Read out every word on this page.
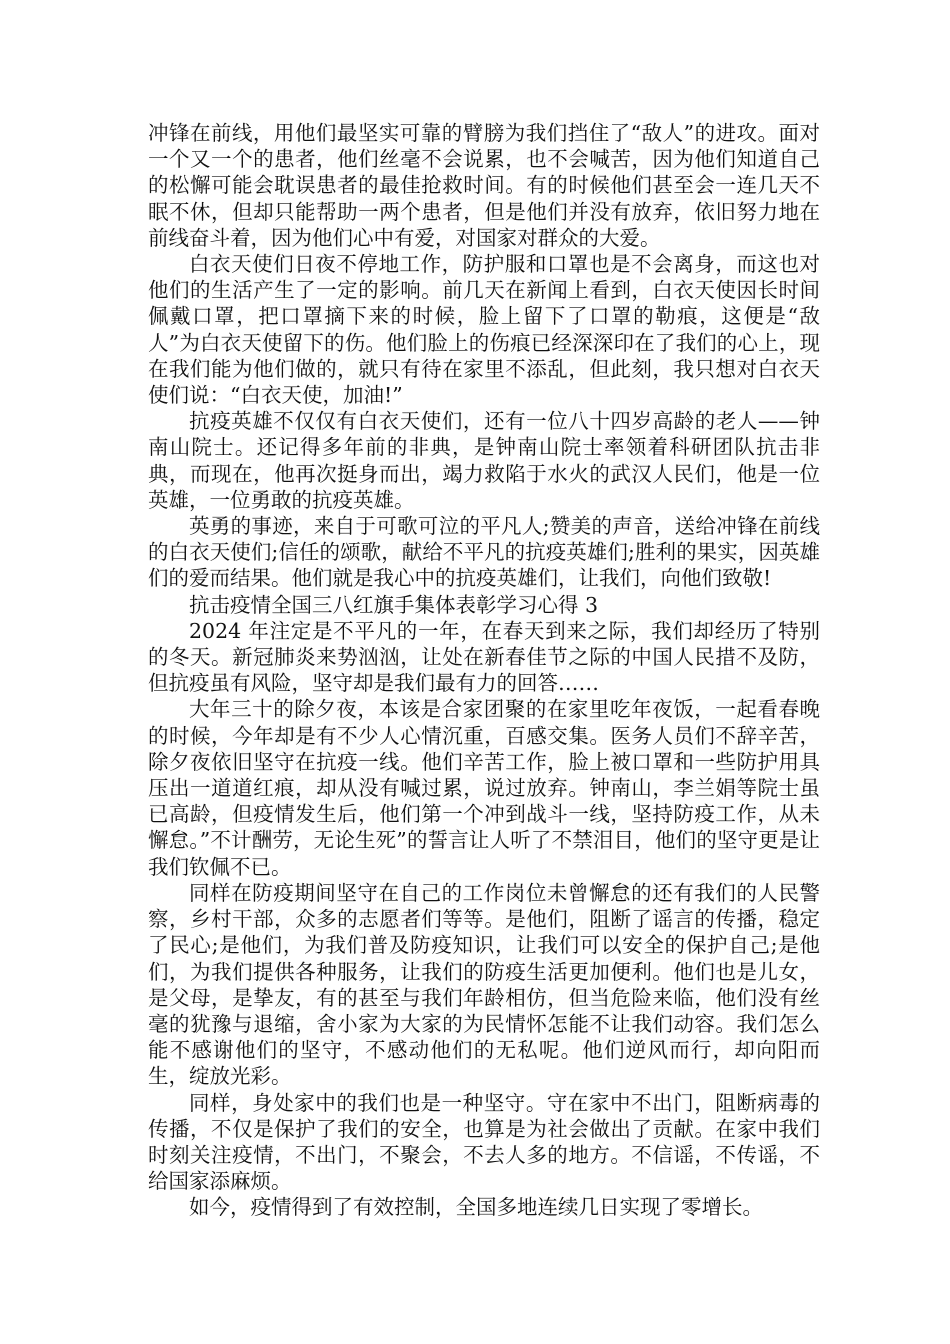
冲锋在前线，用他们最坚实可靠的臂膀为我们挡住了“敌人”的进攻。面对一个又一个的患者，他们丝毫不会说累，也不会喊苦，因为他们知道自己的松懈可能会耽误患者的最佳抢救时间。有的时候他们甚至会一连几天不眠不休，但却只能帮助一两个患者，但是他们并没有放弃，依旧努力地在前线奋斗着，因为他们心中有爱，对国家对群众的大爱。

白衣天使们日夜不停地工作，防护服和口罩也是不会离身，而这也对他们的生活产生了一定的影响。前几天在新闻上看到，白衣天使因长时间佩戴口罩，把口罩摘下来的时候，脸上留下了口罩的勒痕，这便是“敌人”为白衣天使留下的伤。他们脸上的伤痕已经深深印在了我们的心上，现在我们能为他们做的，就只有待在家里不添乱，但此刻，我只想对白衣天使们说：“白衣天使，加油!”

抗疫英雄不仅仅有白衣天使们，还有一位八十四岁高龄的老人——钟南山院士。还记得多年前的非典，是钟南山院士率领着科研团队抗击非典，而现在，他再次挺身而出，竭力救陷于水火的武汉人民们，他是一位英雄，一位勇敢的抗疫英雄。

英勇的事迹，来自于可歌可泣的平凡人;赞美的声音，送给冲锋在前线的白衣天使们;信任的颂歌，献给不平凡的抗疫英雄们;胜利的果实，因英雄们的爱而结果。他们就是我心中的抗疫英雄们，让我们，向他们致敬!

抗击疫情全国三八红旗手集体表彰学习心得 3

2024 年注定是不平凡的一年，在春天到来之际，我们却经历了特别的冬天。新冠肺炎来势汹汹，让处在新春佳节之际的中国人民措不及防，但抗疫虽有风险，坚守却是我们最有力的回答……

大年三十的除夕夜，本该是合家团聚的在家里吃年夜饭，一起看春晚的时候，今年却是有不少人心情沉重，百感交集。医务人员们不辞辛苦，除夕夜依旧坚守在抗疫一线。他们辛苦工作，脸上被口罩和一些防护用具压出一道道红痕，却从没有喊过累，说过放弃。钟南山，李兰娟等院士虽已高龄，但疫情发生后，他们第一个冲到战斗一线，坚持防疫工作，从未懈怠。”不计酬劳，无论生死”的誓言让人听了不禁泪目，他们的坚守更是让我们钦佩不已。

同样在防疫期间坚守在自己的工作岗位未曾懈怠的还有我们的人民警察，乡村干部，众多的志愿者们等等。是他们，阻断了谣言的传播，稳定了民心;是他们，为我们普及防疫知识，让我们可以安全的保护自己;是他们，为我们提供各种服务，让我们的防疫生活更加便利。他们也是儿女，是父母，是挚友，有的甚至与我们年龄相仿，但当危险来临，他们没有丝毫的犹豫与退缩，舍小家为大家的为民情怀怎能不让我们动容。我们怎么能不感谢他们的坚守，不感动他们的无私呢。他们逆风而行，却向阳而生，绽放光彩。

同样，身处家中的我们也是一种坚守。守在家中不出门，阻断病毒的传播，不仅是保护了我们的安全，也算是为社会做出了贡献。在家中我们时刻关注疫情，不出门，不聚会，不去人多的地方。不信谣，不传谣，不给国家添麻烦。

如今，疫情得到了有效控制，全国多地连续几日实现了零增长。
